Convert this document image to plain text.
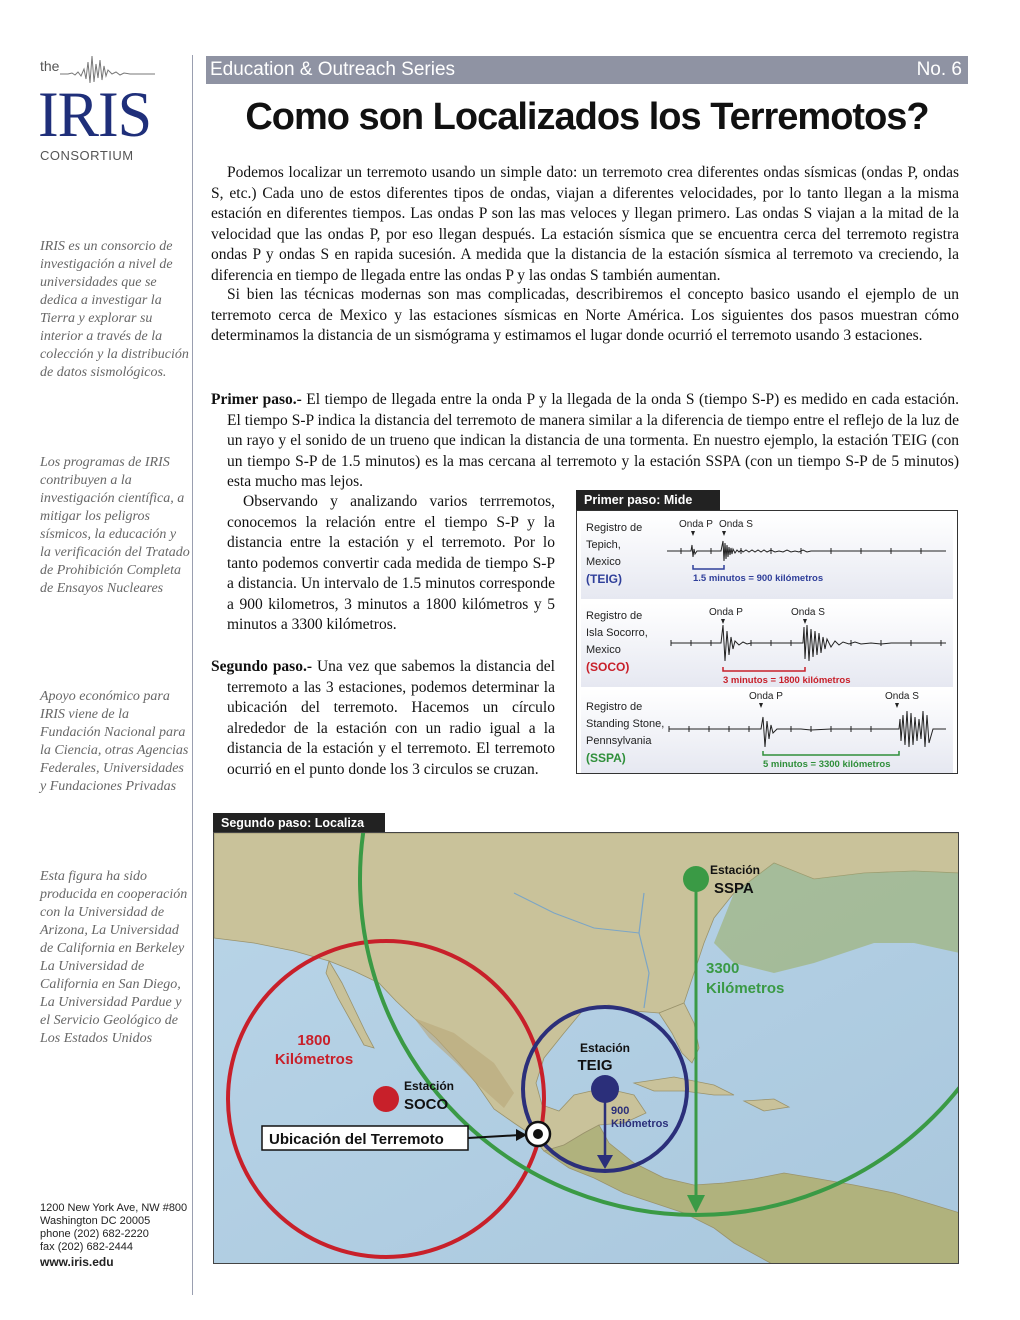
the
IRIS
CONSORTIUM

IRIS es un consorcio de investigación a nivel de universidades que se dedica a investigar la Tierra y explorar su interior a través de la colección y la distribución de datos sismológicos.

Los programas de IRIS contribuyen a la investigación científica, a mitigar los peligros sísmicos, la educación y la verificación del Tratado de Prohibición Completa de Ensayos Nucleares

Apoyo económico para IRIS viene de la Fundación Nacional para la Ciencia, otras Agencias Federales, Universidades y Fundaciones Privadas

Esta figura ha sido producida en cooperación con la Universidad de Arizona, La Universidad de California en Berkeley La Universidad de California en San Diego, La Universidad Pardue y el Servicio Geológico de Los Estados Unidos

1200 New York Ave, NW #800
Washington DC 20005
phone (202) 682-2220
fax (202) 682-2444
www.iris.edu
Education & Outreach Series	No. 6
Como son Localizados los Terremotos?

Podemos localizar un terremoto usando un simple dato: un terremoto crea diferentes ondas sísmicas (ondas P, ondas S, etc.) Cada uno de estos diferentes tipos de ondas, viajan a diferentes velocidades, por lo tanto llegan a la misma estación en diferentes tiempos. Las ondas P son las mas veloces y llegan primero. Las ondas S viajan a la mitad de la velocidad que las ondas P, por eso llegan después. La estación sísmica que se encuentra cerca del terremoto registra ondas P y ondas S en rapida sucesión. A medida que la distancia de la estación sísmica al terremoto va creciendo, la diferencia en tiempo de llegada entre las ondas P y las ondas S también aumentan.

Si bien las técnicas modernas son mas complicadas, describiremos el concepto basico usando el ejemplo de un terremoto cerca de Mexico y las estaciones sísmicas en Norte América. Los siguientes dos pasos muestran cómo determinamos la distancia de un sismógrama y estimamos el lugar donde ocurrió el terremoto usando 3 estaciones.

Primer paso.- El tiempo de llegada entre la onda P y la llegada de la onda S (tiempo S-P) es medido en cada estación. El tiempo S-P indica la distancia del terremoto de manera similar a la diferencia de tiempo entre el reflejo de la luz de un rayo y el sonido de un trueno que indican la distancia de una tormenta. En nuestro ejemplo, la estación TEIG (con un tiempo S-P de 1.5 minutos) es la mas cercana al terremoto y la estación SSPA (con un tiempo S-P de 5 minutos) esta mucho mas lejos.

Observando y analizando varios terrremotos, conocemos la relación entre el tiempo S-P y la distancia entre la estación y el terremoto. Por lo tanto podemos convertir cada medida de tiempo S-P a distancia. Un intervalo de 1.5 minutos corresponde a 900 kilometros, 3 minutos a 1800 kilómetros y 5 minutos a 3300 kilómetros.

Segundo paso.- Una vez que sabemos la distancia del terremoto a las 3 estaciones, podemos determinar la ubicación del terremoto. Hacemos un círculo alrededor de la estación con un radio igual a la distancia de la estación y el terremoto. El terremoto ocurrió en el punto donde los 3 circulos se cruzan.

Primer paso: Mide
Registro de
Tepich,
Mexico
(TEIG)
Onda P Onda S
1.5 minutos = 900 kilómetros
Registro de
Isla Socorro,
Mexico
(SOCO)
Onda P	Onda S
3 minutos = 1800 kilómetros
Registro de
Standing Stone,
Pennsylvania
(SSPA)
Onda P	Onda S
5 minutos = 3300 kilómetros
Segundo paso: Localiza
Ubicación del Terremoto
Estación
SOCO
1800
Kilómetros
Estación
TEIG
900
Kilómetros
Estación
SSPA
3300
Kilómetros
